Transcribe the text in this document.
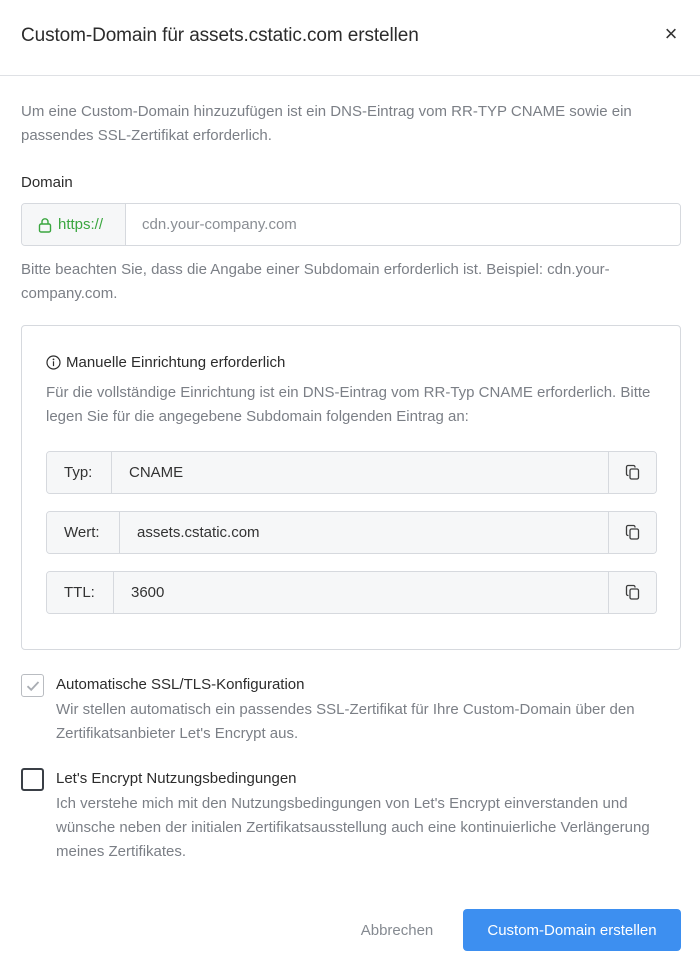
Custom-Domain für assets.cstatic.com erstellen	×
Um eine Custom-Domain hinzuzufügen ist ein DNS-Eintrag vom RR-TYP CNAME sowie ein passendes SSL-Zertifikat erforderlich.
Domain
https://
cdn.your-company.com
Bitte beachten Sie, dass die Angabe einer Subdomain erforderlich ist. Beispiel: cdn.your-company.com.
Manuelle Einrichtung erforderlich
Für die vollständige Einrichtung ist ein DNS-Eintrag vom RR-Typ CNAME erforderlich. Bitte legen Sie für die angegebene Subdomain folgenden Eintrag an:
Typ:	CNAME
Wert:	assets.cstatic.com
TTL:	3600
Automatische SSL/TLS-Konfiguration
Wir stellen automatisch ein passendes SSL-Zertifikat für Ihre Custom-Domain über den Zertifikatsanbieter Let's Encrypt aus.
Let's Encrypt Nutzungsbedingungen
Ich verstehe mich mit den Nutzungsbedingungen von Let's Encrypt einverstanden und wünsche neben der initialen Zertifikatsausstellung auch eine kontinuierliche Verlängerung meines Zertifikates.
Abbrechen	Custom-Domain erstellen
